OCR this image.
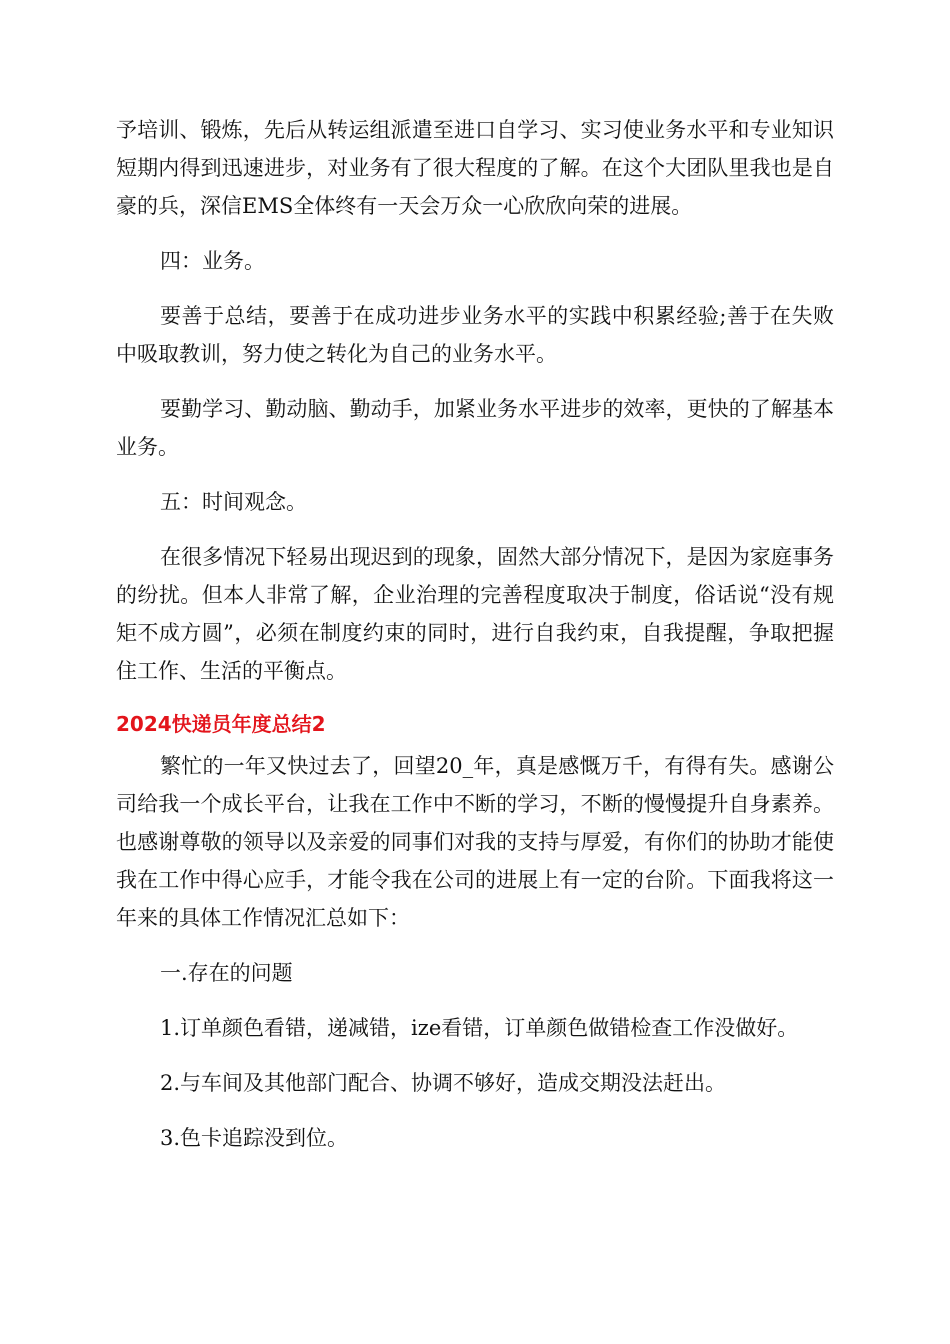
予培训、锻炼，先后从转运组派遣至进口自学习、实习使业务水平和专业知识短期内得到迅速进步，对业务有了很大程度的了解。在这个大团队里我也是自豪的兵，深信EMS全体终有一天会万众一心欣欣向荣的进展。

四：业务。

要善于总结，要善于在成功进步业务水平的实践中积累经验;善于在失败中吸取教训，努力使之转化为自己的业务水平。

要勤学习、勤动脑、勤动手，加紧业务水平进步的效率，更快的了解基本业务。

五：时间观念。

在很多情况下轻易出现迟到的现象，固然大部分情况下，是因为家庭事务的纷扰。但本人非常了解，企业治理的完善程度取决于制度，俗话说“没有规矩不成方圆”，必须在制度约束的同时，进行自我约束，自我提醒，争取把握住工作、生活的平衡点。

2024快递员年度总结2

繁忙的一年又快过去了，回望20_年，真是感慨万千，有得有失。感谢公司给我一个成长平台，让我在工作中不断的学习，不断的慢慢提升自身素养。也感谢尊敬的领导以及亲爱的同事们对我的支持与厚爱，有你们的协助才能使我在工作中得心应手，才能令我在公司的进展上有一定的台阶。下面我将这一年来的具体工作情况汇总如下：

一.存在的问题

1.订单颜色看错，递减错，ize看错，订单颜色做错检查工作没做好。

2.与车间及其他部门配合、协调不够好，造成交期没法赶出。

3.色卡追踪没到位。
